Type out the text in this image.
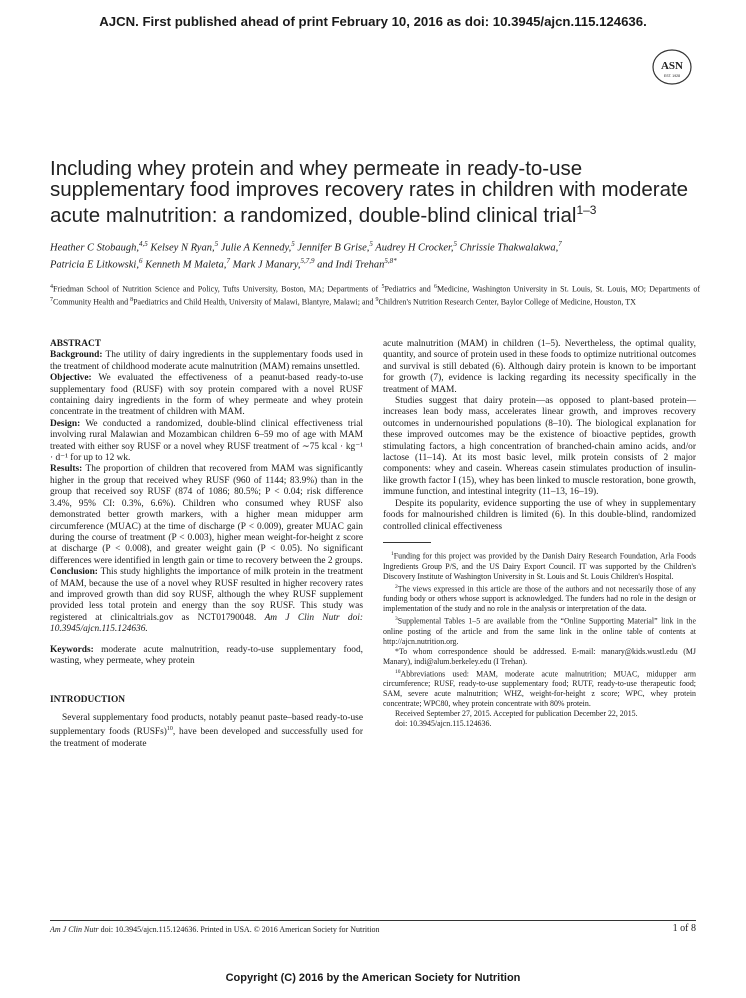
AJCN. First published ahead of print February 10, 2016 as doi: 10.3945/ajcn.115.124636.
ASN
EST. 1928
Including whey protein and whey permeate in ready-to-use supplementary food improves recovery rates in children with moderate acute malnutrition: a randomized, double-blind clinical trial$^{1-3}$
Heather C Stobaugh,$^{4,5}$ Kelsey N Ryan,$^5$ Julie A Kennedy,$^5$ Jennifer B Grise,$^5$ Audrey H Crocker,$^5$ Chrissie Thakwalakwa,$^7$
Patricia E Litkowski,$^6$ Kenneth M Maleta,$^7$ Mark J Manary,$^{5,7,9}$ and Indi Trehan$^{5,8*}$
$^4$Friedman School of Nutrition Science and Policy, Tufts University, Boston, MA; Departments of $^5$Pediatrics and $^6$Medicine, Washington University in St. Louis, St. Louis, MO; Departments of $^7$Community Health and $^8$Paediatrics and Child Health, University of Malawi, Blantyre, Malawi; and $^9$Children's Nutrition Research Center, Baylor College of Medicine, Houston, TX

ABSTRACT

Background: The utility of dairy ingredients in the supplementary foods used in the treatment of childhood moderate acute malnutrition (MAM) remains unsettled.

Objective: We evaluated the effectiveness of a peanut-based ready-to-use supplementary food (RUSF) with soy protein compared with a novel RUSF containing dairy ingredients in the form of whey permeate and whey protein concentrate in the treatment of children with MAM.

Design: We conducted a randomized, double-blind clinical effectiveness trial involving rural Malawian and Mozambican children 6–59 mo of age with MAM treated with either soy RUSF or a novel whey RUSF treatment of ∼75 kcal · kg⁻¹ · d⁻¹ for up to 12 wk.

Results: The proportion of children that recovered from MAM was significantly higher in the group that received whey RUSF (960 of 1144; 83.9%) than in the group that received soy RUSF (874 of 1086; 80.5%; P < 0.04; risk difference 3.4%, 95% CI: 0.3%, 6.6%). Children who consumed whey RUSF also demonstrated better growth markers, with a higher mean midupper arm circumference (MUAC) at the time of discharge (P < 0.009), greater MUAC gain during the course of treatment (P < 0.003), higher mean weight-for-height z score at discharge (P < 0.008), and greater weight gain (P < 0.05). No significant differences were identified in length gain or time to recovery between the 2 groups.

Conclusion: This study highlights the importance of milk protein in the treatment of MAM, because the use of a novel whey RUSF resulted in higher recovery rates and improved growth than did soy RUSF, although the whey RUSF supplement provided less total protein and energy than the soy RUSF. This study was registered at clinicaltrials.gov as NCT01790048. Am J Clin Nutr doi: 10.3945/ajcn.115.124636.

Keywords: moderate acute malnutrition, ready-to-use supplementary food, wasting, whey permeate, whey protein

INTRODUCTION

Several supplementary food products, notably peanut paste–based ready-to-use supplementary foods (RUSFs)$^{10}$, have been developed and successfully used for the treatment of moderate

acute malnutrition (MAM) in children (1–5). Nevertheless, the optimal quality, quantity, and source of protein used in these foods to optimize nutritional outcomes and survival is still debated (6). Although dairy protein is known to be important for growth (7), evidence is lacking regarding its necessity specifically in the treatment of MAM.

Studies suggest that dairy protein—as opposed to plant-based protein—increases lean body mass, accelerates linear growth, and improves recovery outcomes in undernourished populations (8–10). The biological explanation for these improved outcomes may be the existence of bioactive peptides, growth stimulating factors, a high concentration of branched-chain amino acids, and/or lactose (11–14). At its most basic level, milk protein consists of 2 major components: whey and casein. Whereas casein stimulates production of insulin-like growth factor I (15), whey has been linked to muscle restoration, bone growth, immune function, and intestinal integrity (11–13, 16–19).

Despite its popularity, evidence supporting the use of whey in supplementary foods for malnourished children is limited (6). In this double-blind, randomized controlled clinical effectiveness

$^1$Funding for this project was provided by the Danish Dairy Research Foundation, Arla Foods Ingredients Group P/S, and the US Dairy Export Council. IT was supported by the Children's Discovery Institute of Washington University in St. Louis and St. Louis Children's Hospital.

$^2$The views expressed in this article are those of the authors and not necessarily those of any funding body or others whose support is acknowledged. The funders had no role in the design or implementation of the study and no role in the analysis or interpretation of the data.

$^3$Supplemental Tables 1–5 are available from the “Online Supporting Material” link in the online posting of the article and from the same link in the online table of contents at http://ajcn.nutrition.org.

*To whom correspondence should be addressed. E-mail: manary@kids.wustl.edu (MJ Manary), indi@alum.berkeley.edu (I Trehan).

$^{10}$Abbreviations used: MAM, moderate acute malnutrition; MUAC, midupper arm circumference; RUSF, ready-to-use supplementary food; RUTF, ready-to-use therapeutic food; SAM, severe acute malnutrition; WHZ, weight-for-height z score; WPC, whey protein concentrate; WPC80, whey protein concentrate with 80% protein.

Received September 27, 2015. Accepted for publication December 22, 2015.

doi: 10.3945/ajcn.115.124636.

Am J Clin Nutr doi: 10.3945/ajcn.115.124636. Printed in USA. © 2016 American Society for Nutrition	1 of 8
Copyright (C) 2016 by the American Society for Nutrition
